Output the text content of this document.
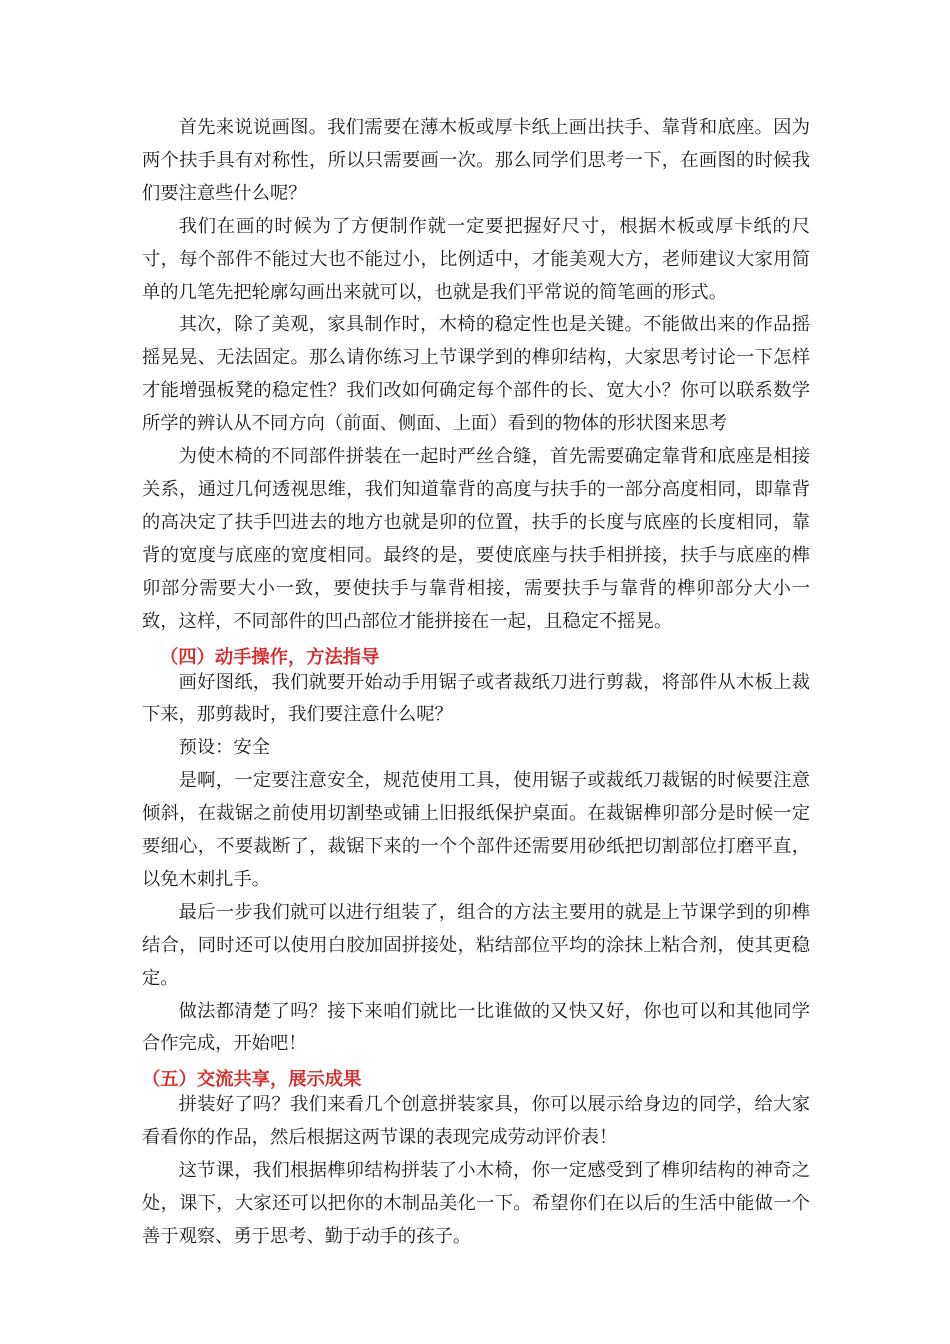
首先来说说画图。我们需要在薄木板或厚卡纸上画出扶手、靠背和底座。因为两个扶手具有对称性，所以只需要画一次。那么同学们思考一下，在画图的时候我们要注意些什么呢？

我们在画的时候为了方便制作就一定要把握好尺寸，根据木板或厚卡纸的尺寸，每个部件不能过大也不能过小，比例适中，才能美观大方，老师建议大家用简单的几笔先把轮廓勾画出来就可以，也就是我们平常说的简笔画的形式。

其次，除了美观，家具制作时，木椅的稳定性也是关键。不能做出来的作品摇摇晃晃、无法固定。那么请你练习上节课学到的榫卯结构，大家思考讨论一下怎样才能增强板凳的稳定性？我们改如何确定每个部件的长、宽大小？你可以联系数学所学的辨认从不同方向（前面、侧面、上面）看到的物体的形状图来思考

为使木椅的不同部件拼装在一起时严丝合缝，首先需要确定靠背和底座是相接关系，通过几何透视思维，我们知道靠背的高度与扶手的一部分高度相同，即靠背的高决定了扶手凹进去的地方也就是卯的位置，扶手的长度与底座的长度相同，靠背的宽度与底座的宽度相同。最终的是，要使底座与扶手相拼接，扶手与底座的榫卯部分需要大小一致，要使扶手与靠背相接，需要扶手与靠背的榫卯部分大小一致，这样，不同部件的凹凸部位才能拼接在一起，且稳定不摇晃。

（四）动手操作，方法指导

画好图纸，我们就要开始动手用锯子或者裁纸刀进行剪裁，将部件从木板上裁下来，那剪裁时，我们要注意什么呢？

预设：安全

是啊，一定要注意安全，规范使用工具，使用锯子或裁纸刀裁锯的时候要注意倾斜，在裁锯之前使用切割垫或铺上旧报纸保护桌面。在裁锯榫卯部分是时候一定要细心，不要裁断了，裁锯下来的一个个部件还需要用砂纸把切割部位打磨平直，以免木刺扎手。

最后一步我们就可以进行组装了，组合的方法主要用的就是上节课学到的卯榫结合，同时还可以使用白胶加固拼接处，粘结部位平均的涂抹上粘合剂，使其更稳定。

做法都清楚了吗？接下来咱们就比一比谁做的又快又好，你也可以和其他同学合作完成，开始吧！

（五）交流共享，展示成果

拼装好了吗？我们来看几个创意拼装家具，你可以展示给身边的同学，给大家看看你的作品，然后根据这两节课的表现完成劳动评价表！

这节课，我们根据榫卯结构拼装了小木椅，你一定感受到了榫卯结构的神奇之处，课下，大家还可以把你的木制品美化一下。希望你们在以后的生活中能做一个善于观察、勇于思考、勤于动手的孩子。
